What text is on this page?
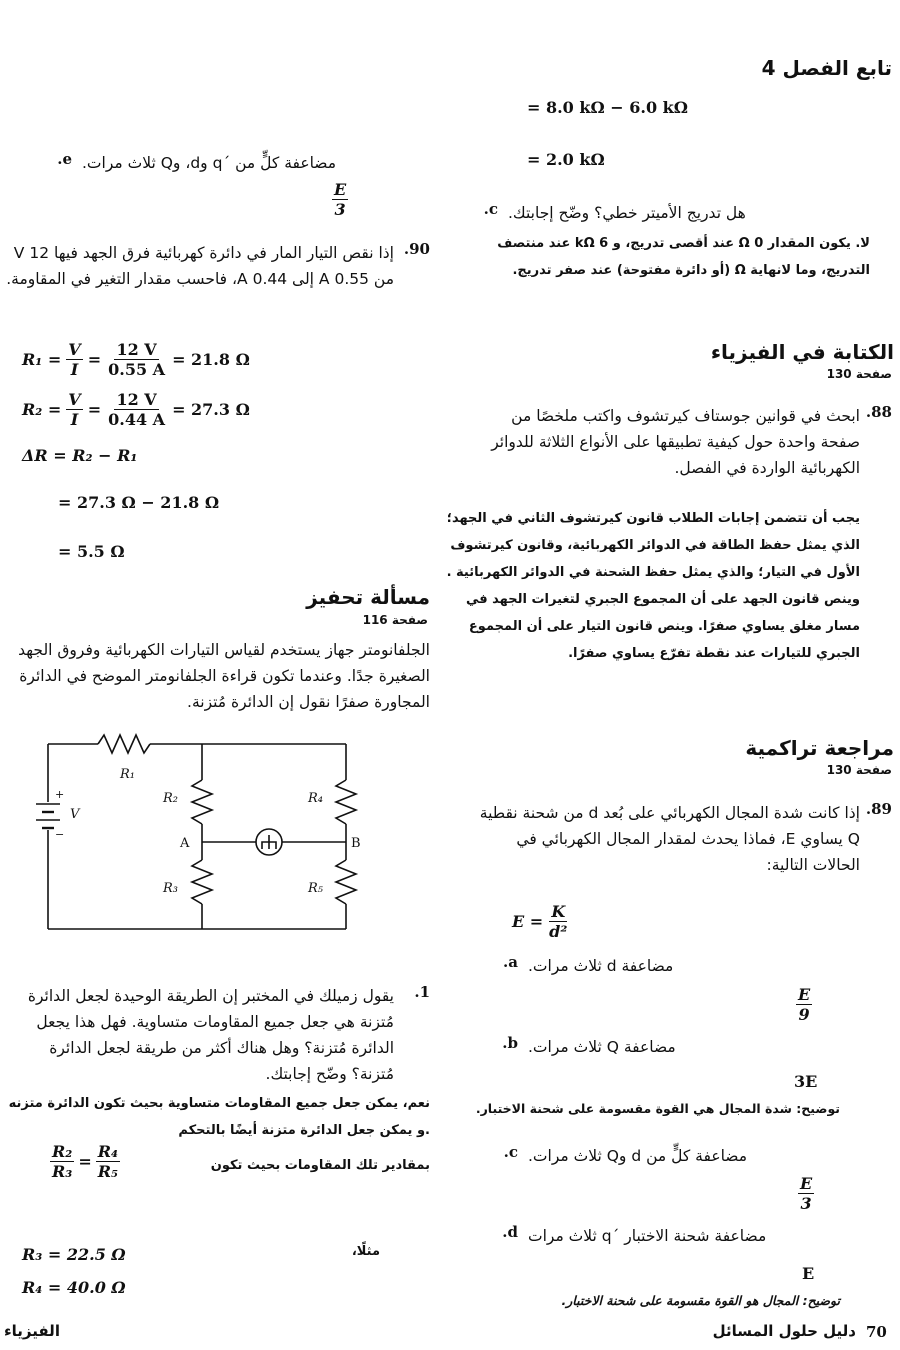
تابع الفصل 4
= 8.0 kΩ − 6.0 kΩ
= 2.0 kΩ
c. هل تدريج الأميتر خطي؟ وضّح إجابتك.
لا. يكون المقدار 0 Ω عند أقصى تدريج، و 6 kΩ عند منتصف التدريج، وما لانهاية Ω (أو دائرة مفتوحة) عند صفر تدريج.
الكتابة في الفيزياء
صفحة 130
88.
ابحث في قوانين جوستاف كيرتشوف واكتب ملخصًا من صفحة واحدة حول كيفية تطبيقها على الأنواع الثلاثة للدوائر الكهربائية الواردة في الفصل.
يجب أن تتضمن إجابات الطلاب قانون كيرتشوف الثاني في الجهد؛ الذي يمثل حفظ الطاقة في الدوائر الكهربائية، وقانون كيرتشوف الأول في التيار؛ والذي يمثل حفظ الشحنة في الدوائر الكهربائية . وينص قانون الجهد على أن المجموع الجبري لتغيرات الجهد في مسار مغلق يساوي صفرًا. وينص قانون التيار على أن المجموع الجبري للتيارات عند نقطة تفرّع يساوي صفرًا.
مراجعة تراكمية
صفحة 130
89.
إذا كانت شدة المجال الكهربائي على بُعد d من شحنة نقطية Q يساوي E، فماذا يحدث لمقدار المجال الكهربائي في الحالات التالية:
$E = \frac{K}{\text{d²}}$
a. مضاعفة d ثلاث مرات.
$\frac{E}{9}$
b. مضاعفة Q ثلاث مرات.
3E
توضيح: شدة المجال هي القوة مقسومة على شحنة الاختبار.
c. مضاعفة كلٍّ من d وQ ثلاث مرات.
$\frac{E}{3}$
d. مضاعفة شحنة الاختبار ´q ثلاث مرات
E
توضيح: المجال هو القوة مقسومة على شحنة الاختبار.
e. مضاعفة كلٍّ من ´q وd، وQ ثلاث مرات.
$\frac{E}{3}$
90.
إذا نقص التيار المار في دائرة كهربائية فرق الجهد فيها 12 V من 0.55 A إلى 0.44 A، فاحسب مقدار التغير في المقاومة.
$R_1 = \frac{V}{I} = \frac{12 V}{0.55 A} = 21.8$ Ω
$R_2 = \frac{V}{I} = \frac{12 V}{0.44 A} = 27.3$ Ω
ΔR = R₂ − R₁
= 27.3 Ω − 21.8 Ω
= 5.5 Ω
مسألة تحفيز
صفحة 116
الجلفانومتر جهاز يستخدم لقياس التيارات الكهربائية وفروق الجهد الصغيرة جدًا. وعندما تكون قراءة الجلفانومتر الموضح في الدائرة المجاورة صفرًا نقول إن الدائرة مُتزنة.
R₁
R₂
R₃
R₄
R₅
A	B
V
+
−
1.
يقول زميلك في المختبر إن الطريقة الوحيدة لجعل الدائرة مُتزنة هي جعل جميع المقاومات متساوية. فهل هذا يجعل الدائرة مُتزنة؟ وهل هناك أكثر من طريقة لجعل الدائرة مُتزنة؟ وضّح إجابتك.
نعم، يمكن جعل جميع المقاومات متساوية بحيث تكون الدائرة متزنه .و يمكن جعل الدائرة متزنة أيضًا بالتحكم
بمقادير تلك المقاومات بحيث تكون
$\frac{\text{R₂}}{\text{R₃}} = \frac{\text{R₄}}{\text{R₅}}$
R₃ = 22.5 Ω	مثلًا،
R₄ = 40.0 Ω
70
دليل حلول المسائل
الفيزياء
